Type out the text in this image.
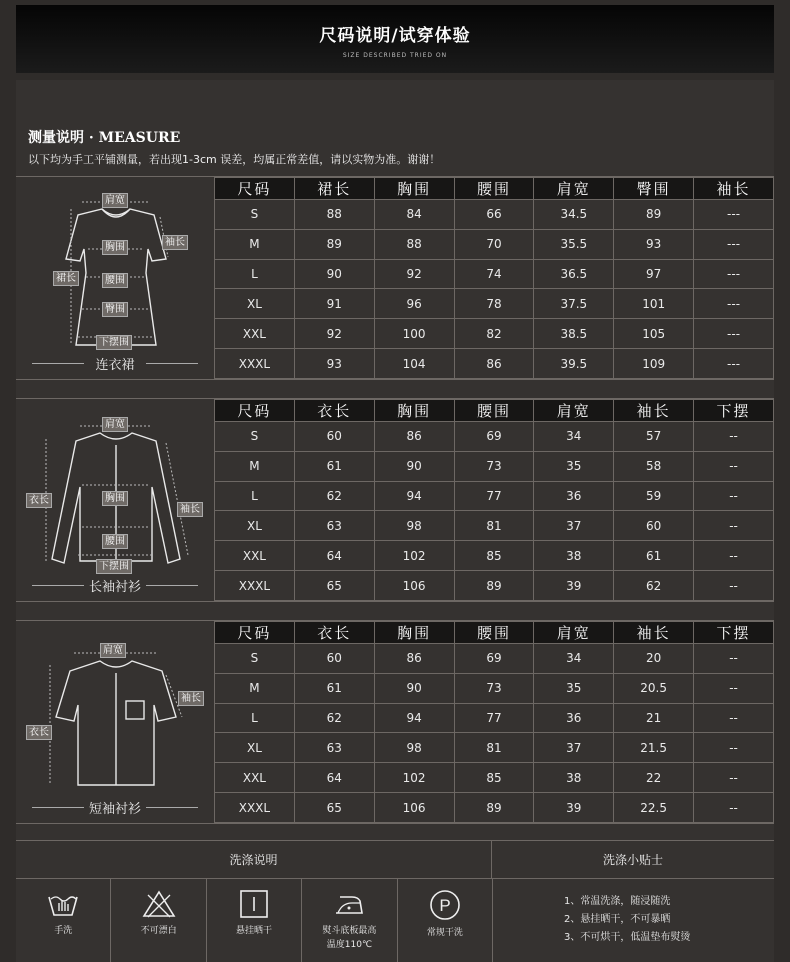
尺码说明/试穿体验
SIZE DESCRIBED TRIED ON
测量说明 · MEASURE
以下均为手工平铺测量，若出现1-3cm 误差，均属正常差值，请以实物为准。谢谢！
肩宽
袖长
胸围
裙长	腰围
臀围
下摆围
连衣裙
尺码	裙长	胸围	腰围	肩宽	臀围	袖长
S	88	84	66	34.5	89	---
M	89	88	70	35.5	93	---
L	90	92	74	36.5	97	---
XL	91	96	78	37.5	101	---
XXL	92	100	82	38.5	105	---
XXXL	93	104	86	39.5	109	---
肩宽
衣长	胸围
袖长
腰围
下摆围
长袖衬衫
尺码	衣长	胸围	腰围	肩宽	袖长	下摆
S	60	86	69	34	57	--
M	61	90	73	35	58	--
L	62	94	77	36	59	--
XL	63	98	81	37	60	--
XXL	64	102	85	38	61	--
XXXL	65	106	89	39	62	--
肩宽
袖长
衣长
短袖衬衫
尺码	衣长	胸围	腰围	肩宽	袖长	下摆
S	60	86	69	34	20	--
M	61	90	73	35	20.5	--
L	62	94	77	36	21	--
XL	63	98	81	37	21.5	--
XXL	64	102	85	38	22	--
XXXL	65	106	89	39	22.5	--
洗涤说明	洗涤小贴士
手洗	不可漂白	悬挂晒干	熨斗底板最高
温度110℃
P
常规干洗
1、常温洗涤，随浸随洗
2、悬挂晒干，不可暴晒
3、不可烘干，低温垫布熨烫
